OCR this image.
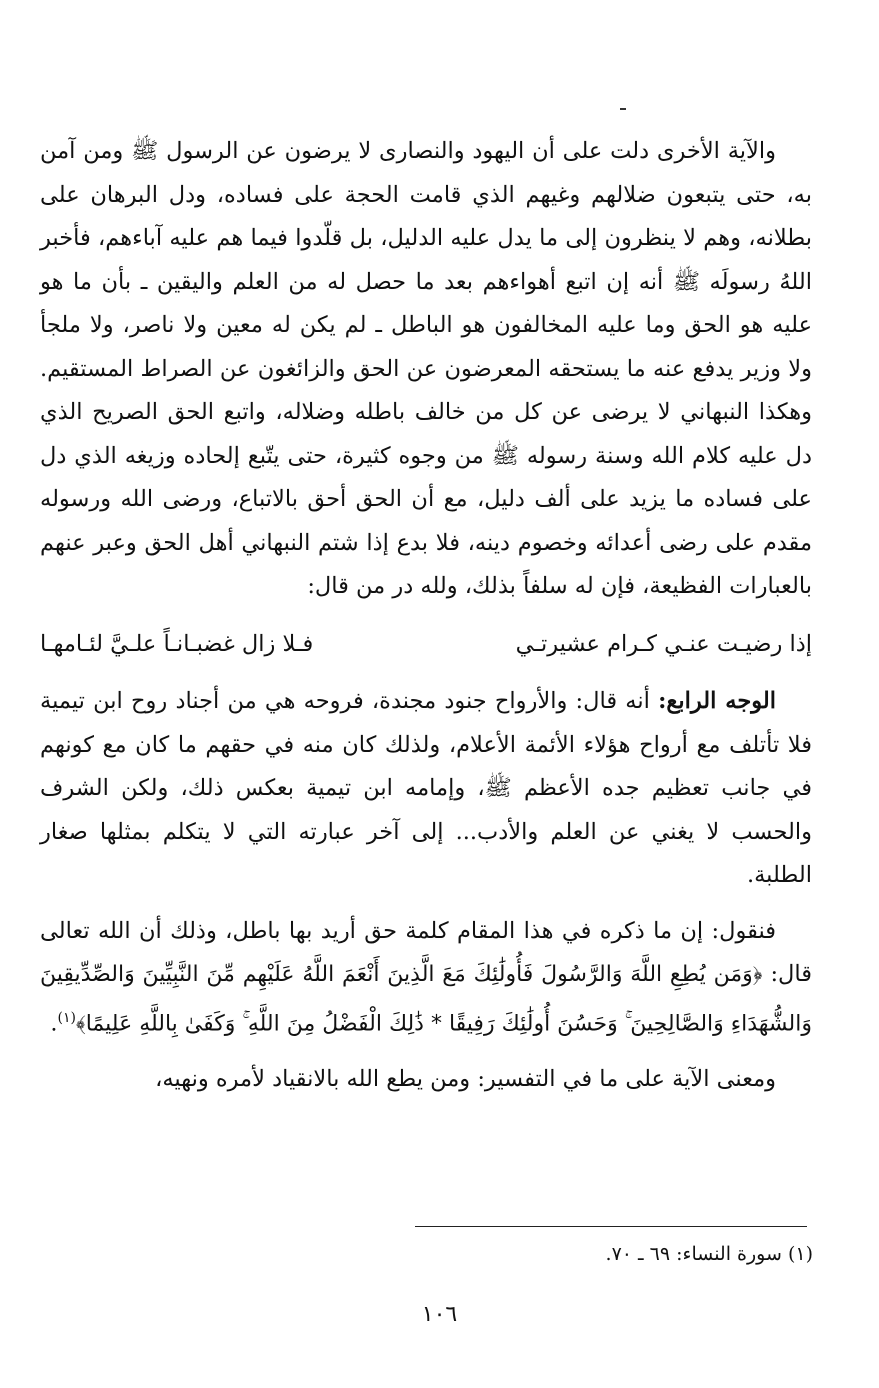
والآية الأخرى دلت على أن اليهود والنصارى لا يرضون عن الرسول ﷺ ومن آمن به، حتى يتبعون ضلالهم وغيهم الذي قامت الحجة على فساده، ودل البرهان على بطلانه، وهم لا ينظرون إلى ما يدل عليه الدليل، بل قلّدوا فيما هم عليه آباءهم، فأخبر اللهُ رسولَه ﷺ أنه إن اتبع أهواءهم بعد ما حصل له من العلم واليقين ـ بأن ما هو عليه هو الحق وما عليه المخالفون هو الباطل ـ لم يكن له معين ولا ناصر، ولا ملجأ ولا وزير يدفع عنه ما يستحقه المعرضون عن الحق والزائغون عن الصراط المستقيم. وهكذا النبهاني لا يرضى عن كل من خالف باطله وضلاله، واتبع الحق الصريح الذي دل عليه كلام الله وسنة رسوله ﷺ من وجوه كثيرة، حتى يتّبع إلحاده وزيغه الذي دل على فساده ما يزيد على ألف دليل، مع أن الحق أحق بالاتباع، ورضى الله ورسوله مقدم على رضى أعدائه وخصوم دينه، فلا بدع إذا شتم النبهاني أهل الحق وعبر عنهم بالعبارات الفظيعة، فإن له سلفاً بذلك، ولله در من قال:

إذا رضيـت عنـي كـرام عشيرتـي
فـلا زال غضبـانـاً علـيَّ لئـامهـا

الوجه الرابع: أنه قال: والأرواح جنود مجندة، فروحه هي من أجناد روح ابن تيمية فلا تأتلف مع أرواح هؤلاء الأئمة الأعلام، ولذلك كان منه في حقهم ما كان مع كونهم في جانب تعظيم جده الأعظم ﷺ، وإمامه ابن تيمية بعكس ذلك، ولكن الشرف والحسب لا يغني عن العلم والأدب... إلى آخر عبارته التي لا يتكلم بمثلها صغار الطلبة.

فنقول: إن ما ذكره في هذا المقام كلمة حق أريد بها باطل، وذلك أن الله تعالى قال: ﴿وَمَن يُطِعِ اللَّهَ وَالرَّسُولَ فَأُولَٰئِكَ مَعَ الَّذِينَ أَنْعَمَ اللَّهُ عَلَيْهِم مِّنَ النَّبِيِّينَ وَالصِّدِّيقِينَ وَالشُّهَدَاءِ وَالصَّالِحِينَ ۚ وَحَسُنَ أُولَٰئِكَ رَفِيقًا * ذَٰلِكَ الْفَضْلُ مِنَ اللَّهِ ۚ وَكَفَىٰ بِاللَّهِ عَلِيمًا﴾$^{(١)}$.

ومعنى الآية على ما في التفسير: ومن يطع الله بالانقياد لأمره ونهيه،

(١) سورة النساء: ٦٩ ـ ٧٠.
١٠٦
